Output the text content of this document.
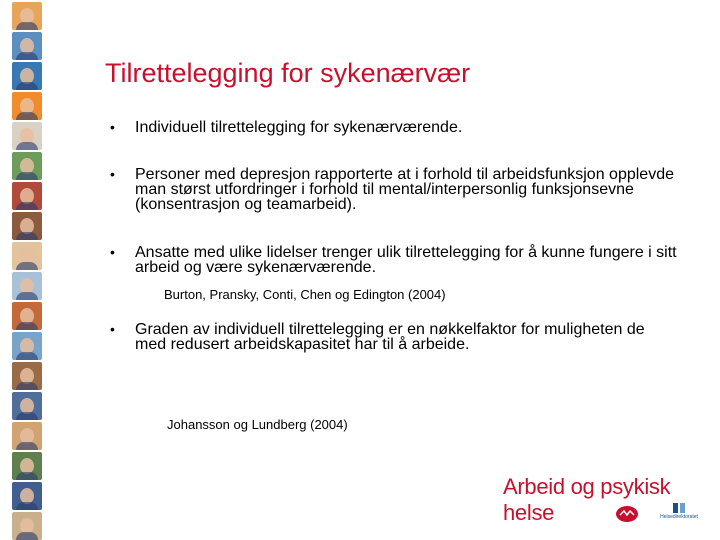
Tilrettelegging for sykenærvær
• Individuell tilrettelegging for sykenærværende.
• Personer med depresjon rapporterte at i forhold til arbeidsfunksjon opplevde man størst utfordringer i forhold til mental/interpersonlig funksjonsevne (konsentrasjon og teamarbeid).
• Ansatte med ulike lidelser trenger ulik tilrettelegging for å kunne fungere i sitt arbeid og være sykenærværende.
Burton, Pransky, Conti, Chen og Edington (2004)
• Graden av individuell tilrettelegging er en nøkkelfaktor for muligheten de med redusert arbeidskapasitet har til å arbeide.
Johansson og Lundberg (2004)
Arbeid og psykisk helse	Helsedirektoratet
